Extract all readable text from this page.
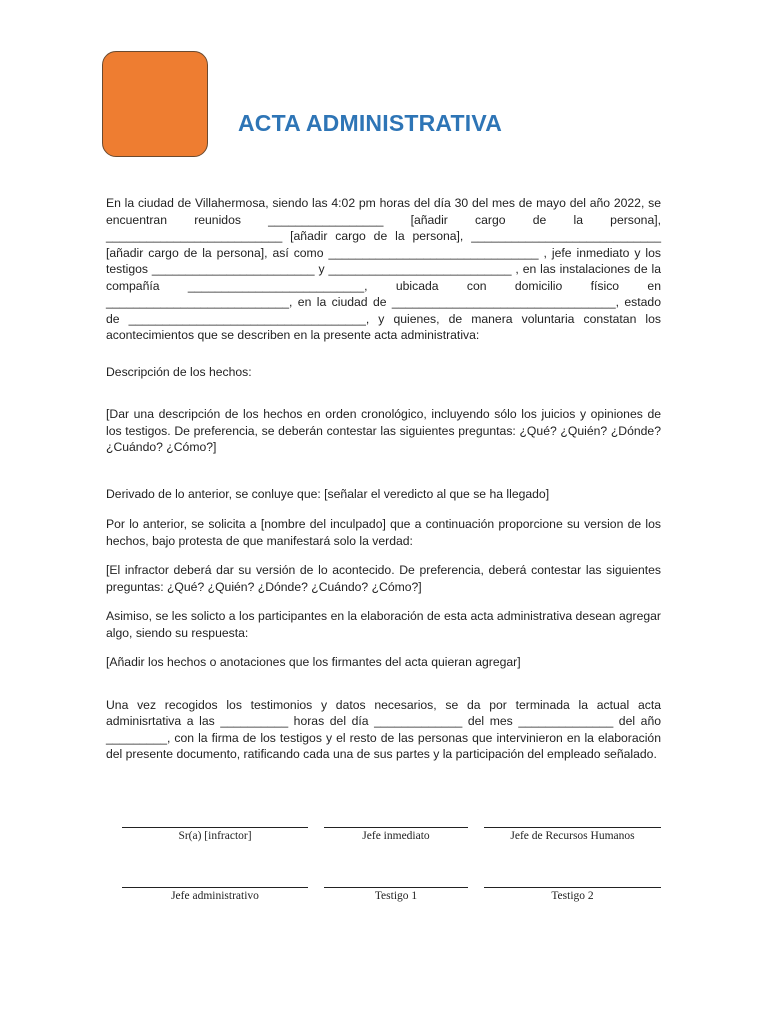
ACTA ADMINISTRATIVA

En la ciudad de Villahermosa, siendo las 4:02 pm horas del día 30 del mes de mayo del año 2022, se encuentran reunidos _________________ [añadir cargo de la persona], __________________________ [añadir cargo de la persona], ____________________________ [añadir cargo de la persona], así como _______________________________ , jefe inmediato y los testigos ________________________ y ___________________________ , en las instalaciones de la compañía __________________________, ubicada con domicilio físico en ___________________________, en la ciudad de _________________________________, estado de ___________________________________, y quienes, de manera voluntaria constatan los acontecimientos que se describen en la presente acta administrativa:

Descripción de los hechos:

[Dar una descripción de los hechos en orden cronológico, incluyendo sólo los juicios y opiniones de los testigos. De preferencia, se deberán contestar las siguientes preguntas: ¿Qué? ¿Quién? ¿Dónde? ¿Cuándo? ¿Cómo?]

Derivado de lo anterior, se conluye que: [señalar el veredicto al que se ha llegado]

Por lo anterior, se solicita a [nombre del inculpado] que a continuación proporcione su version de los hechos, bajo protesta de que manifestará solo la verdad:

[El infractor deberá dar su versión de lo acontecido. De preferencia, deberá contestar las siguientes preguntas: ¿Qué? ¿Quién? ¿Dónde? ¿Cuándo? ¿Cómo?]

Asimiso, se les solicto a los participantes en la elaboración de esta acta administrativa desean agregar algo, siendo su respuesta:

[Añadir los hechos o anotaciones que los firmantes del acta quieran agregar]

Una vez recogidos los testimonios y datos necesarios, se da por terminada la actual acta adminisrtativa a las __________ horas del día _____________ del mes ______________ del año _________, con la firma de los testigos y el resto de las personas que intervinieron en la elaboración del presente documento, ratificando cada una de sus partes y la participación del empleado señalado.

Sr(a) [infractor]	Jefe inmediato	Jefe de Recursos Humanos
Jefe administrativo	Testigo 1	Testigo 2
